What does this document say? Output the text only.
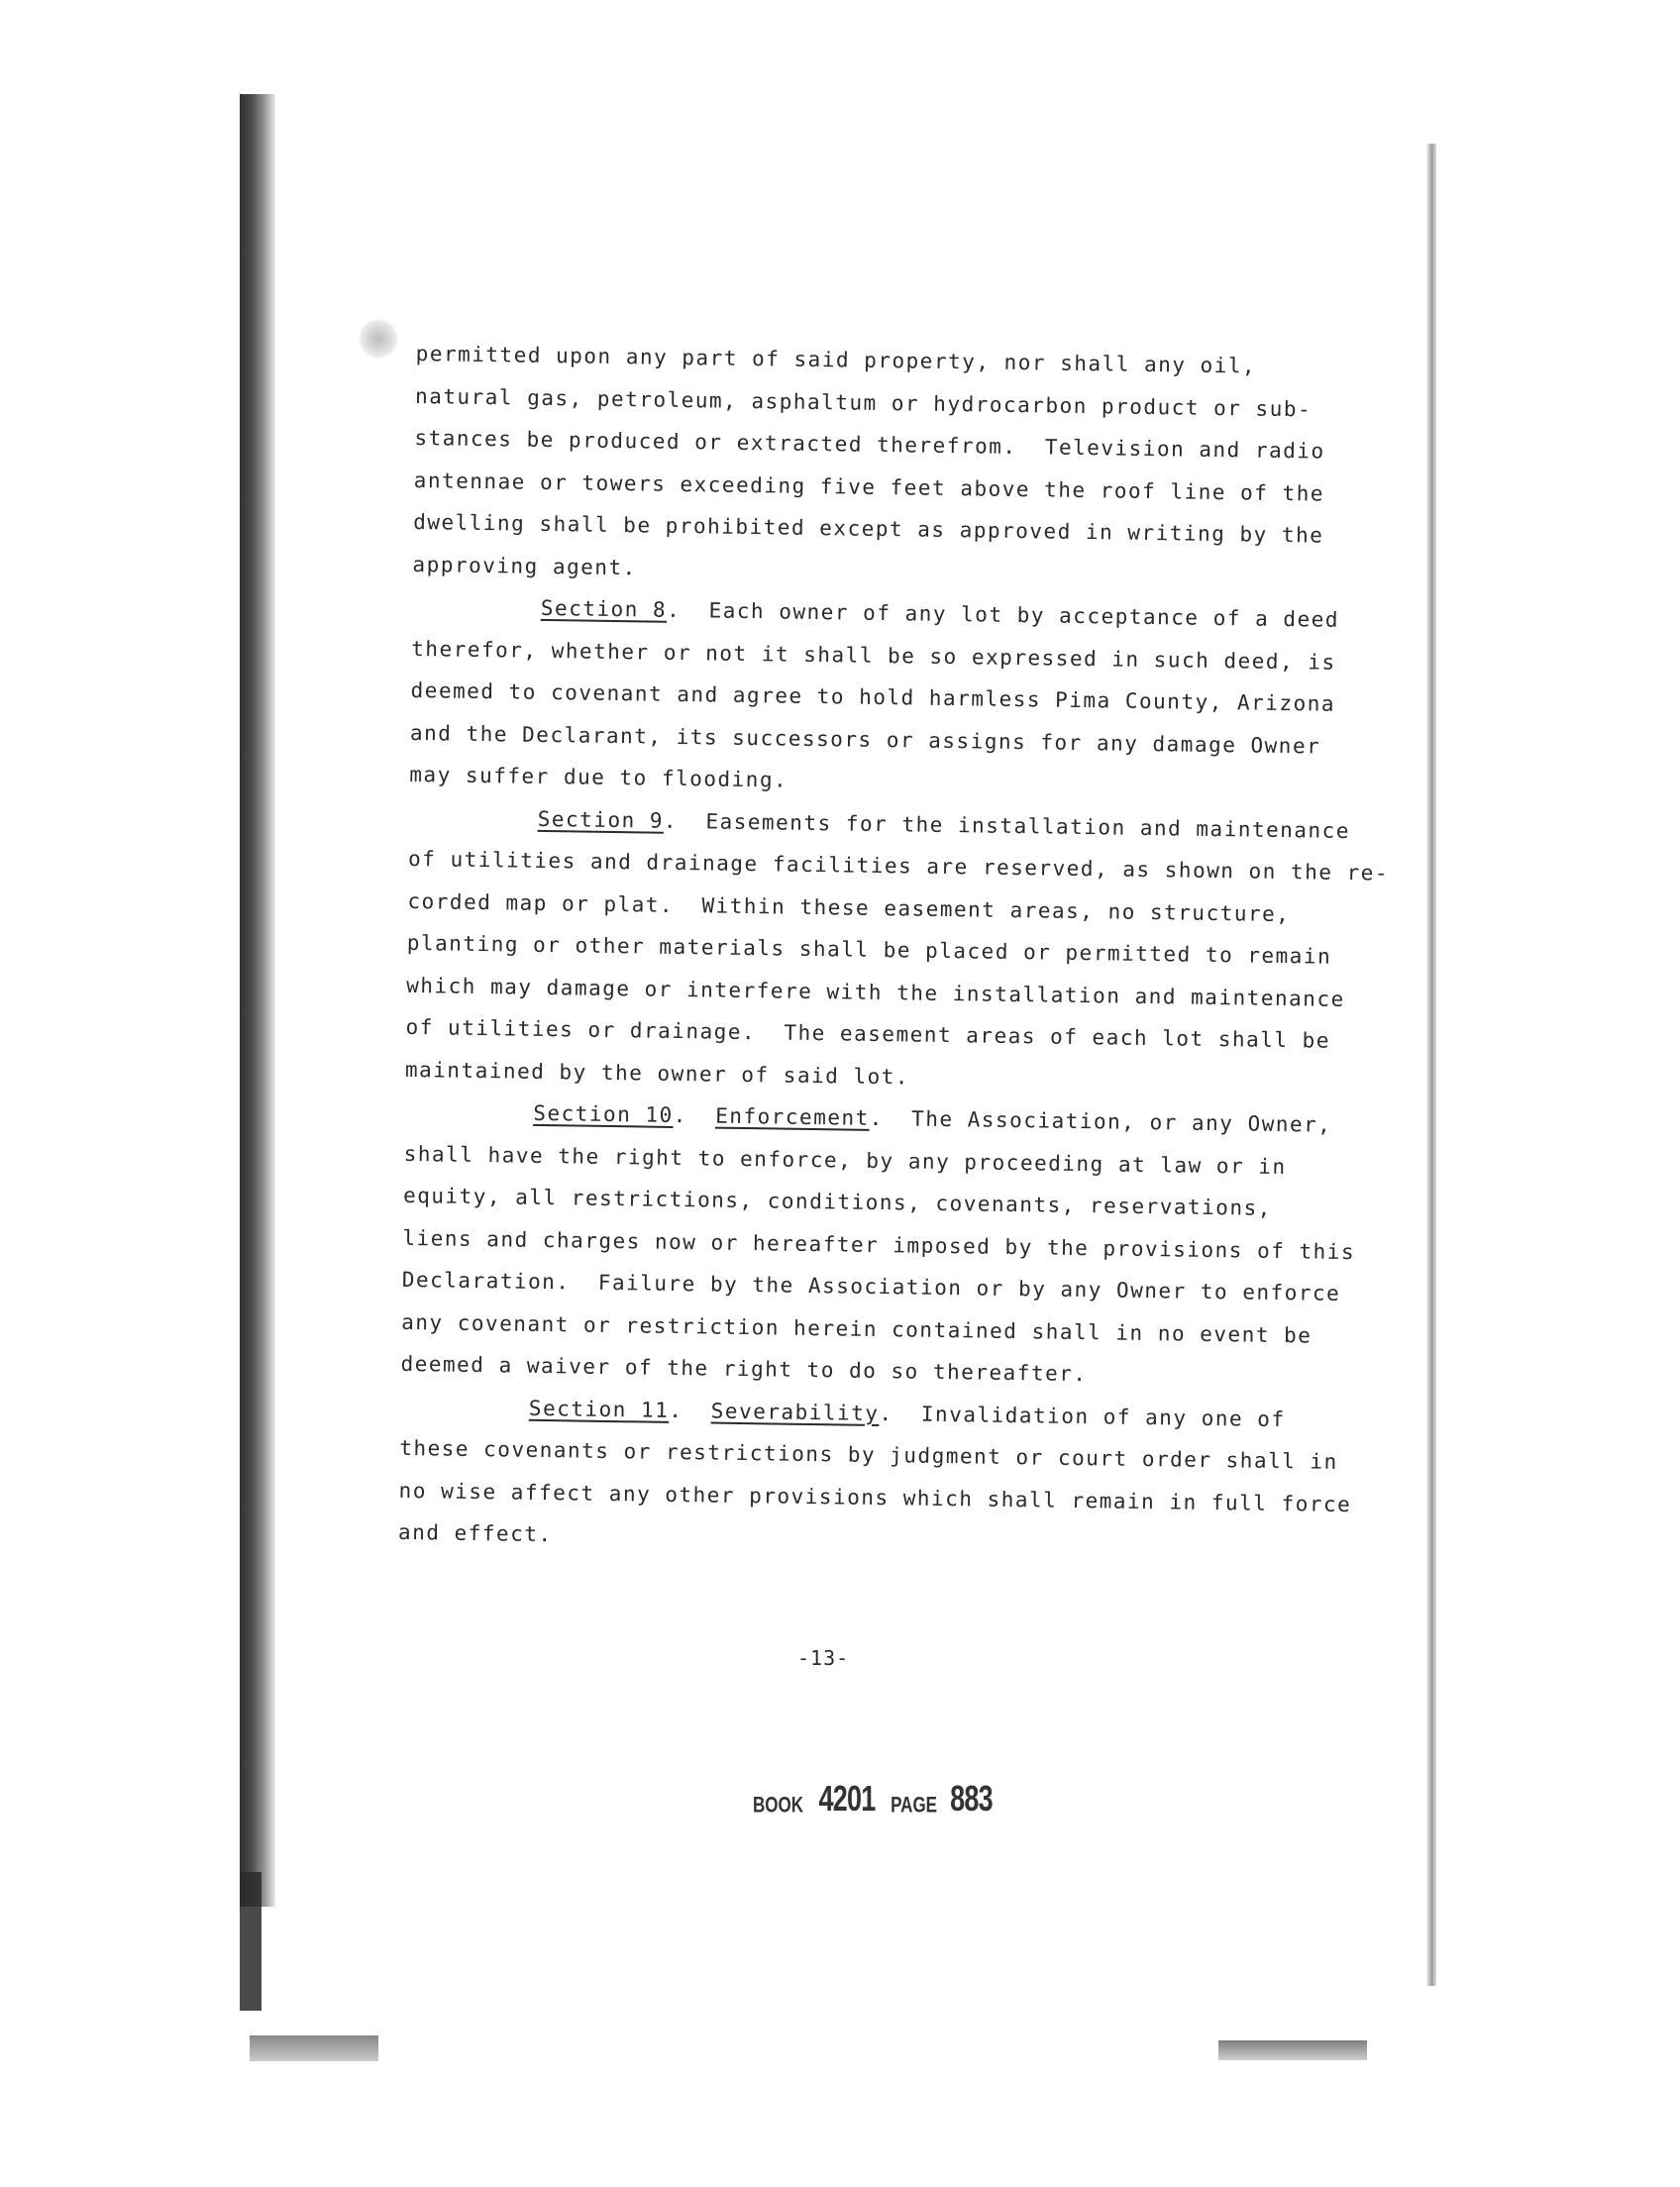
permitted upon any part of said property, nor shall any oil,
natural gas, petroleum, asphaltum or hydrocarbon product or sub-
stances be produced or extracted therefrom.  Television and radio
antennae or towers exceeding five feet above the roof line of the
dwelling shall be prohibited except as approved in writing by the
approving agent.
Section 8.  Each owner of any lot by acceptance of a deed
therefor, whether or not it shall be so expressed in such deed, is
deemed to covenant and agree to hold harmless Pima County, Arizona
and the Declarant, its successors or assigns for any damage Owner
may suffer due to flooding.
Section 9.  Easements for the installation and maintenance
of utilities and drainage facilities are reserved, as shown on the re-
corded map or plat.  Within these easement areas, no structure,
planting or other materials shall be placed or permitted to remain
which may damage or interfere with the installation and maintenance
of utilities or drainage.  The easement areas of each lot shall be
maintained by the owner of said lot.
Section 10.  Enforcement.  The Association, or any Owner,
shall have the right to enforce, by any proceeding at law or in
equity, all restrictions, conditions, covenants, reservations,
liens and charges now or hereafter imposed by the provisions of this
Declaration.  Failure by the Association or by any Owner to enforce
any covenant or restriction herein contained shall in no event be
deemed a waiver of the right to do so thereafter.
Section 11.  Severability.  Invalidation of any one of
these covenants or restrictions by judgment or court order shall in
no wise affect any other provisions which shall remain in full force
and effect.
-13-
BOOK 4201 PAGE 883
